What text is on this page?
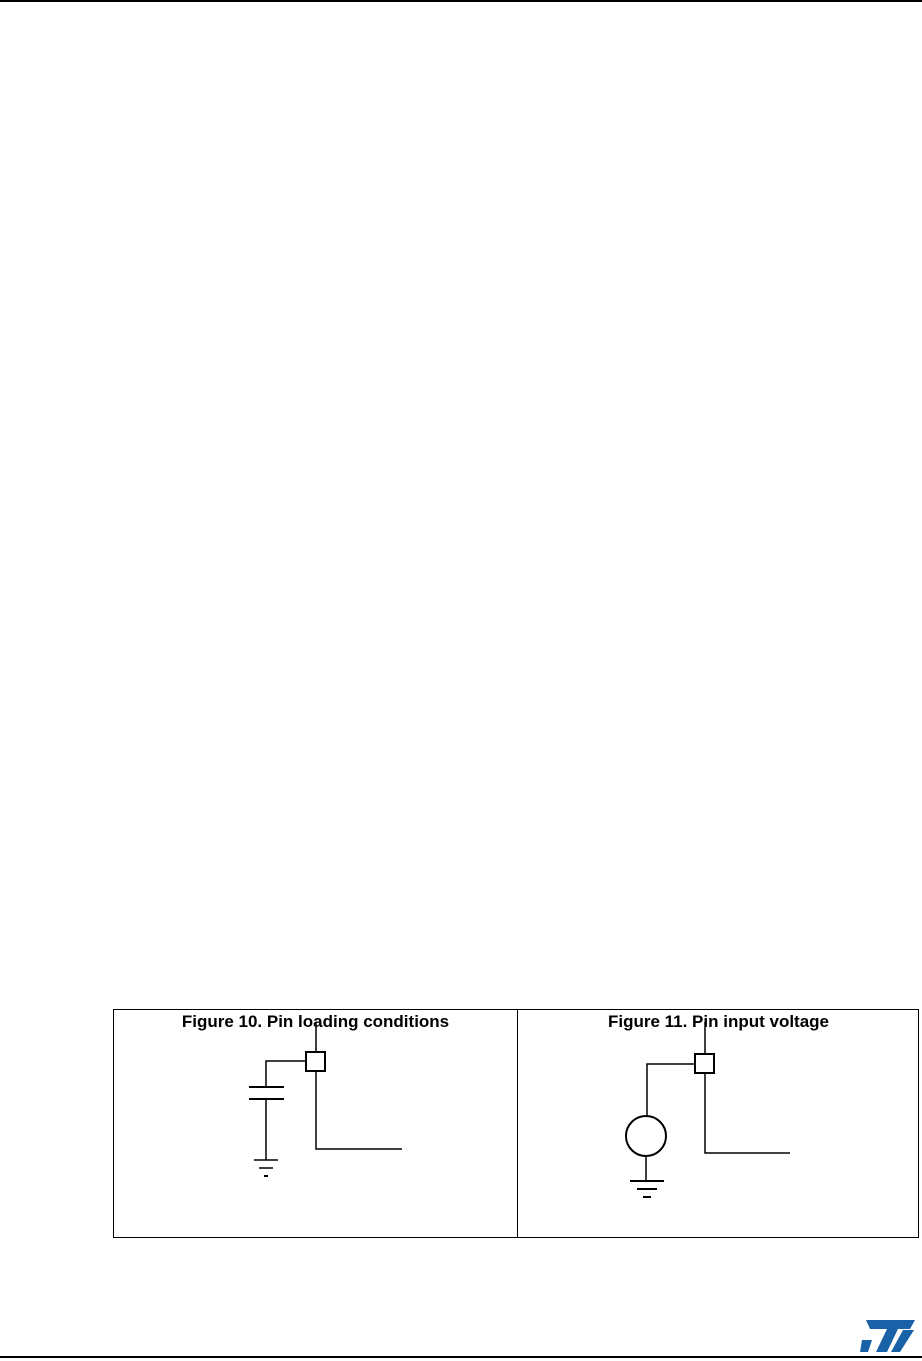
Figure 10. Pin loading conditions	Figure 11. Pin input voltage
